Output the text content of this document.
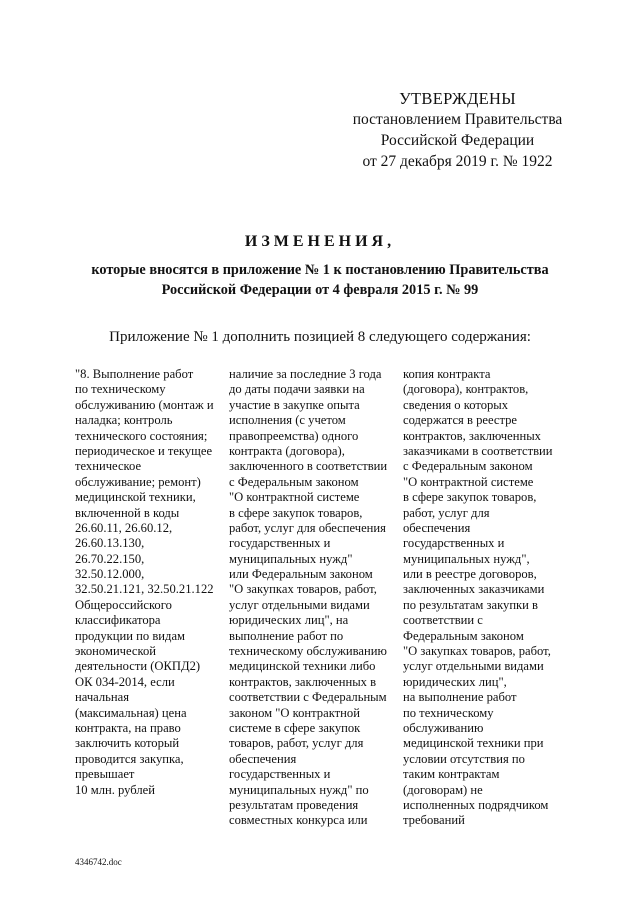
УТВЕРЖДЕНЫ
постановлением Правительства
Российской Федерации
от 27 декабря 2019 г. № 1922
ИЗМЕНЕНИЯ,
которые вносятся в приложение № 1 к постановлению Правительства
Российской Федерации от 4 февраля 2015 г. № 99
Приложение № 1 дополнить позицией 8 следующего содержания:
"8. Выполнение работ
по техническому
обслуживанию (монтаж и
наладка; контроль
технического состояния;
периодическое и текущее
техническое
обслуживание; ремонт)
медицинской техники,
включенной в коды
26.60.11, 26.60.12,
26.60.13.130,
26.70.22.150,
32.50.12.000,
32.50.21.121, 32.50.21.122
Общероссийского
классификатора
продукции по видам
экономической
деятельности (ОКПД2)
ОК 034-2014, если
начальная
(максимальная) цена
контракта, на право
заключить который
проводится закупка,
превышает
10 млн. рублей
наличие за последние 3 года
до даты подачи заявки на
участие в закупке опыта
исполнения (с учетом
правопреемства) одного
контракта (договора),
заключенного в соответствии
с Федеральным законом
"О контрактной системе
в сфере закупок товаров,
работ, услуг для обеспечения
государственных и
муниципальных нужд"
или Федеральным законом
"О закупках товаров, работ,
услуг отдельными видами
юридических лиц", на
выполнение работ по
техническому обслуживанию
медицинской техники либо
контрактов, заключенных в
соответствии с Федеральным
законом "О контрактной
системе в сфере закупок
товаров, работ, услуг для
обеспечения
государственных и
муниципальных нужд" по
результатам проведения
совместных конкурса или
копия контракта
(договора), контрактов,
сведения о которых
содержатся в реестре
контрактов, заключенных
заказчиками в соответствии
с Федеральным законом
"О контрактной системе
в сфере закупок товаров,
работ, услуг для
обеспечения
государственных и
муниципальных нужд",
или в реестре договоров,
заключенных заказчиками
по результатам закупки в
соответствии с
Федеральным законом
"О закупках товаров, работ,
услуг отдельными видами
юридических лиц",
на выполнение работ
по техническому
обслуживанию
медицинской техники при
условии отсутствия по
таким контрактам
(договорам) не
исполненных подрядчиком
требований
4346742.doc
